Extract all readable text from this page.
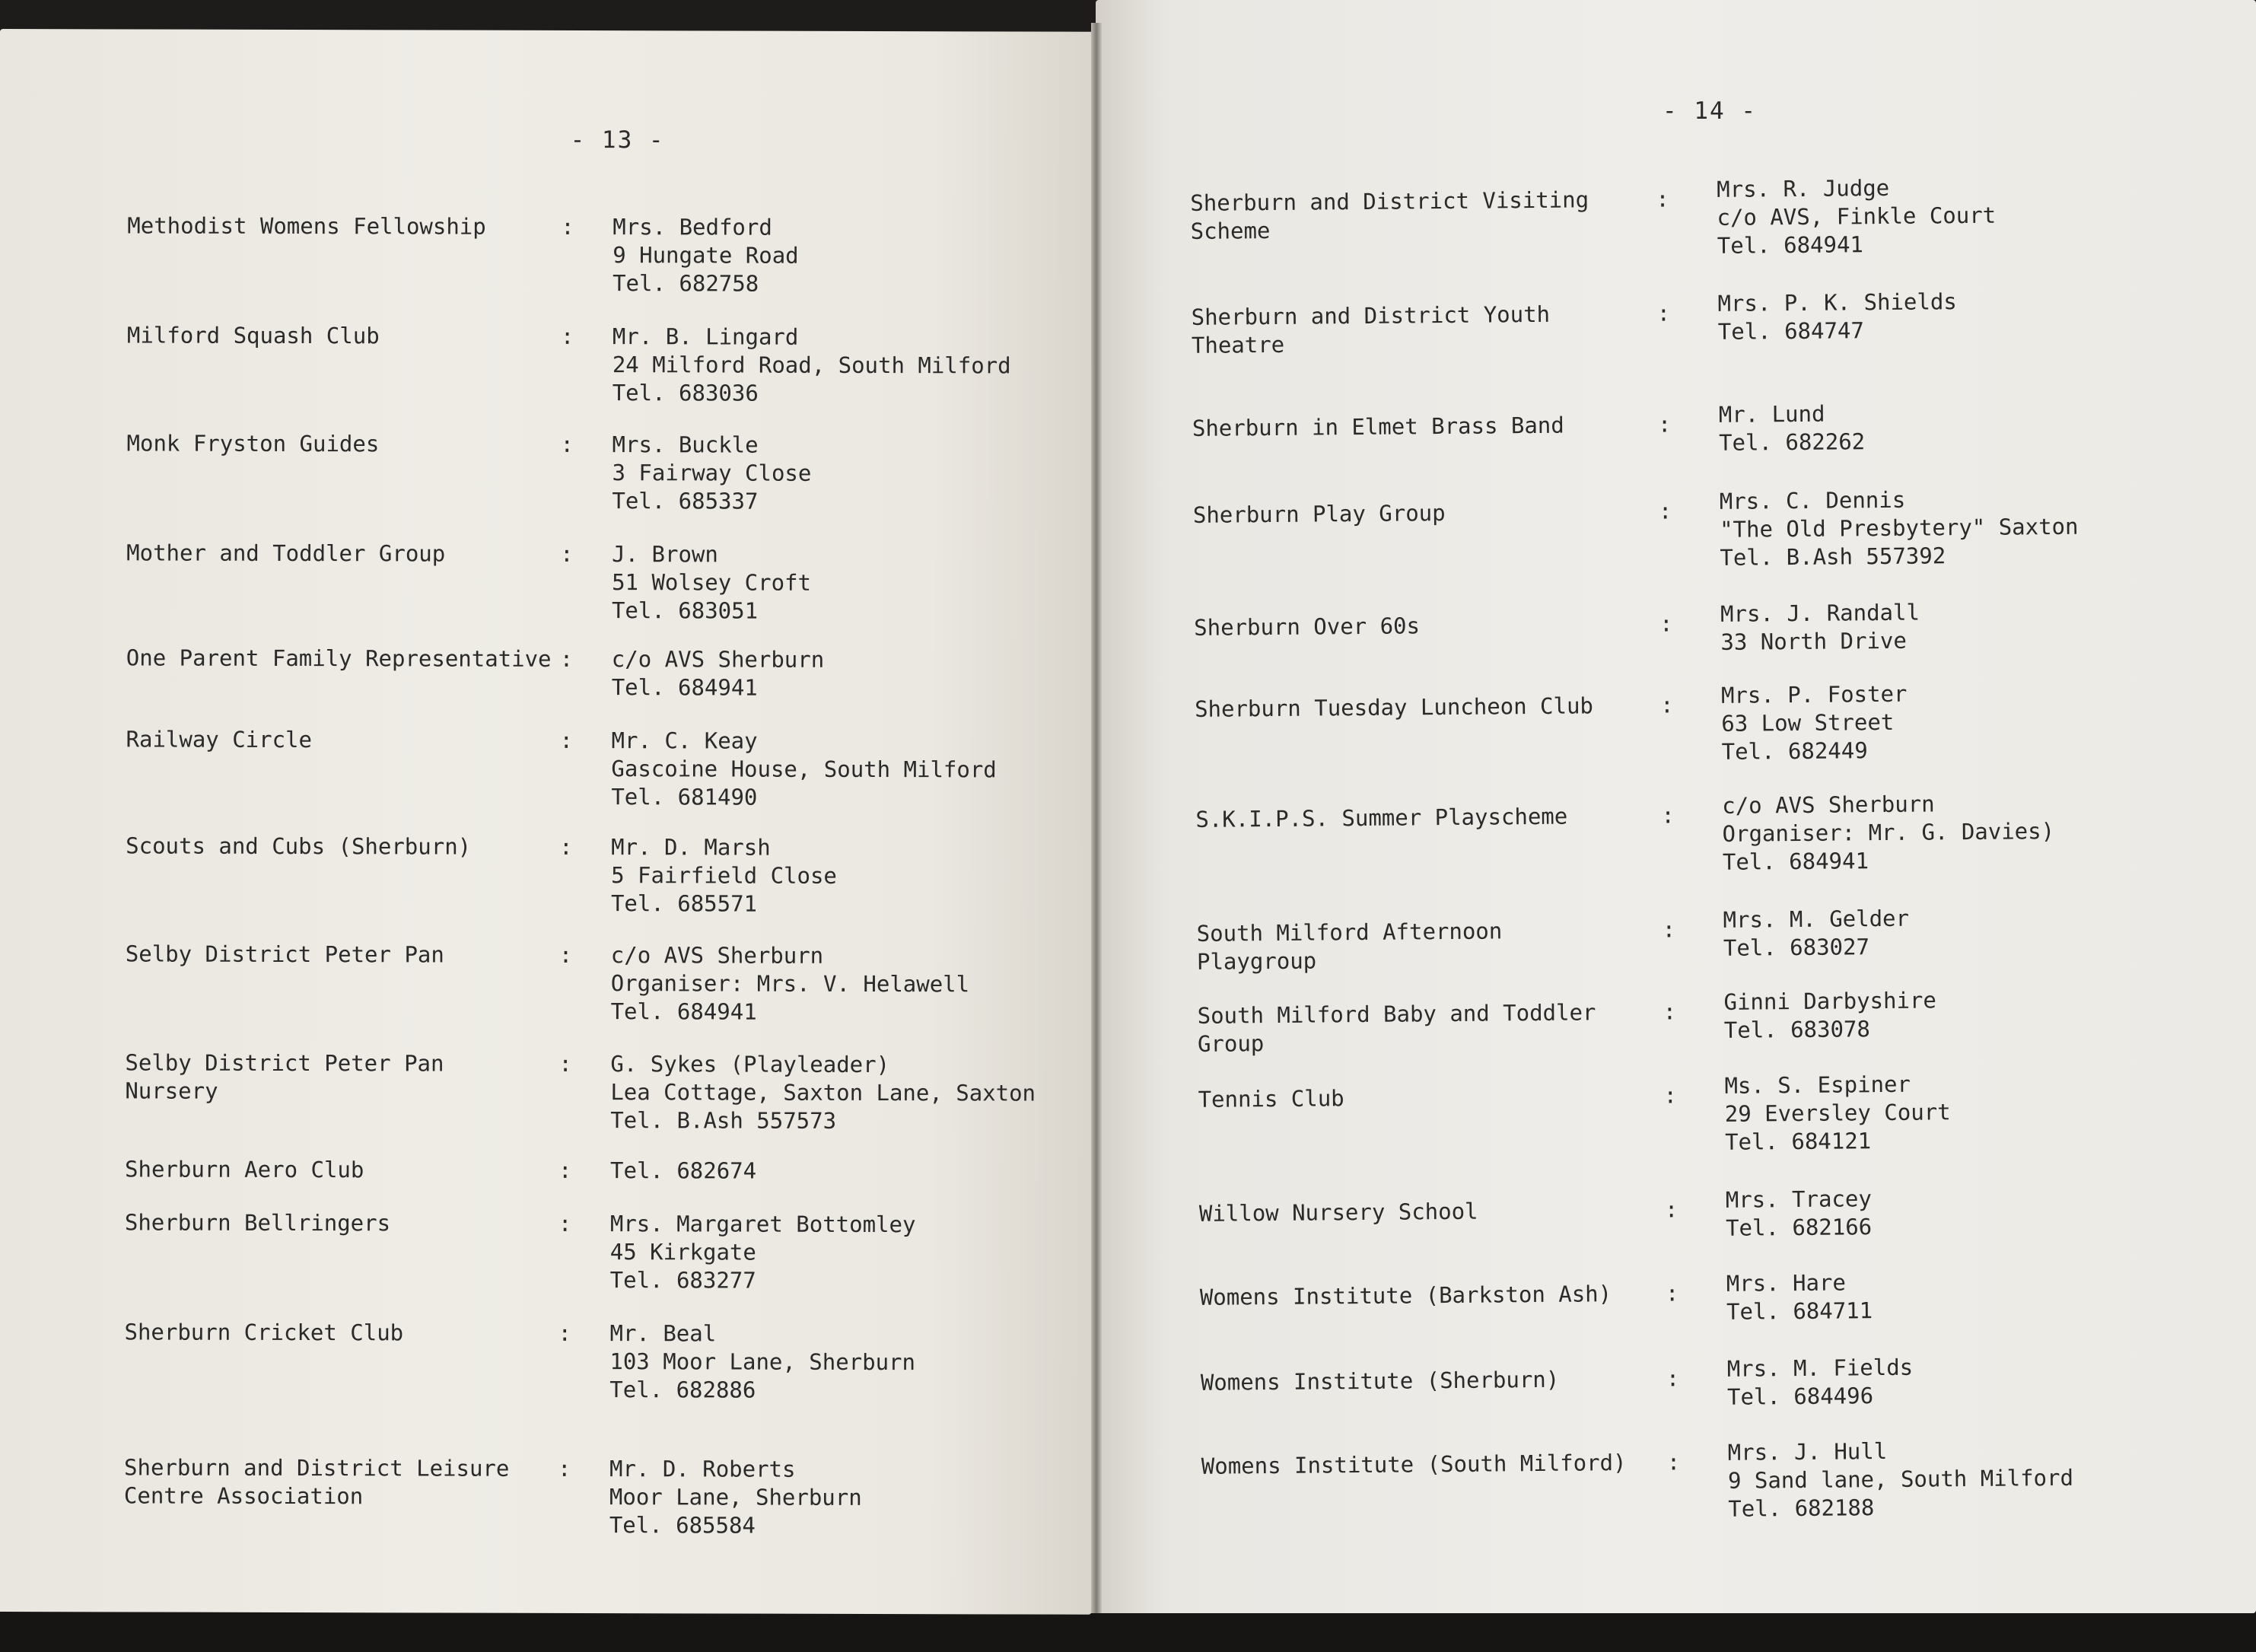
- 13 -
Methodist Womens Fellowship	: Mrs. Bedford
9 Hungate Road
Tel. 682758
Milford Squash Club	: Mr. B. Lingard
24 Milford Road, South Milford
Tel. 683036
Monk Fryston Guides	: Mrs. Buckle
3 Fairway Close
Tel. 685337
Mother and Toddler Group	: J. Brown
51 Wolsey Croft
Tel. 683051
One Parent Family Representative : c/o AVS Sherburn
Tel. 684941
Railway Circle	: Mr. C. Keay
Gascoine House, South Milford
Tel. 681490
Scouts and Cubs (Sherburn)	: Mr. D. Marsh
5 Fairfield Close
Tel. 685571
Selby District Peter Pan	: c/o AVS Sherburn
Organiser: Mrs. V. Helawell
Tel. 684941
Selby District Peter Pan
Nursery
: G. Sykes (Playleader)
Lea Cottage, Saxton Lane, Saxton
Tel. B.Ash 557573
Sherburn Aero Club	: Tel. 682674
Sherburn Bellringers	: Mrs. Margaret Bottomley
45 Kirkgate
Tel. 683277
Sherburn Cricket Club	: Mr. Beal
103 Moor Lane, Sherburn
Tel. 682886
Sherburn and District Leisure
Centre Association
: Mr. D. Roberts
Moor Lane, Sherburn
Tel. 685584
- 14 -
Sherburn and District Visiting
Scheme
: Mrs. R. Judge
c/o AVS, Finkle Court
Tel. 684941
Sherburn and District Youth
Theatre
: Mrs. P. K. Shields
Tel. 684747
Sherburn in Elmet Brass Band	: Mr. Lund
Tel. 682262
Sherburn Play Group	: Mrs. C. Dennis
"The Old Presbytery" Saxton
Tel. B.Ash 557392
Sherburn Over 60s	: Mrs. J. Randall
33 North Drive
Sherburn Tuesday Luncheon Club	: Mrs. P. Foster
63 Low Street
Tel. 682449
S.K.I.P.S. Summer Playscheme	: c/o AVS Sherburn
Organiser: Mr. G. Davies)
Tel. 684941
South Milford Afternoon
Playgroup
: Mrs. M. Gelder
Tel. 683027
South Milford Baby and Toddler
Group
: Ginni Darbyshire
Tel. 683078
Tennis Club	: Ms. S. Espiner
29 Eversley Court
Tel. 684121
Willow Nursery School	: Mrs. Tracey
Tel. 682166
Womens Institute (Barkston Ash) : Mrs. Hare
Tel. 684711
Womens Institute (Sherburn)	: Mrs. M. Fields
Tel. 684496
Womens Institute (South Milford) : Mrs. J. Hull
9 Sand lane, South Milford
Tel. 682188
